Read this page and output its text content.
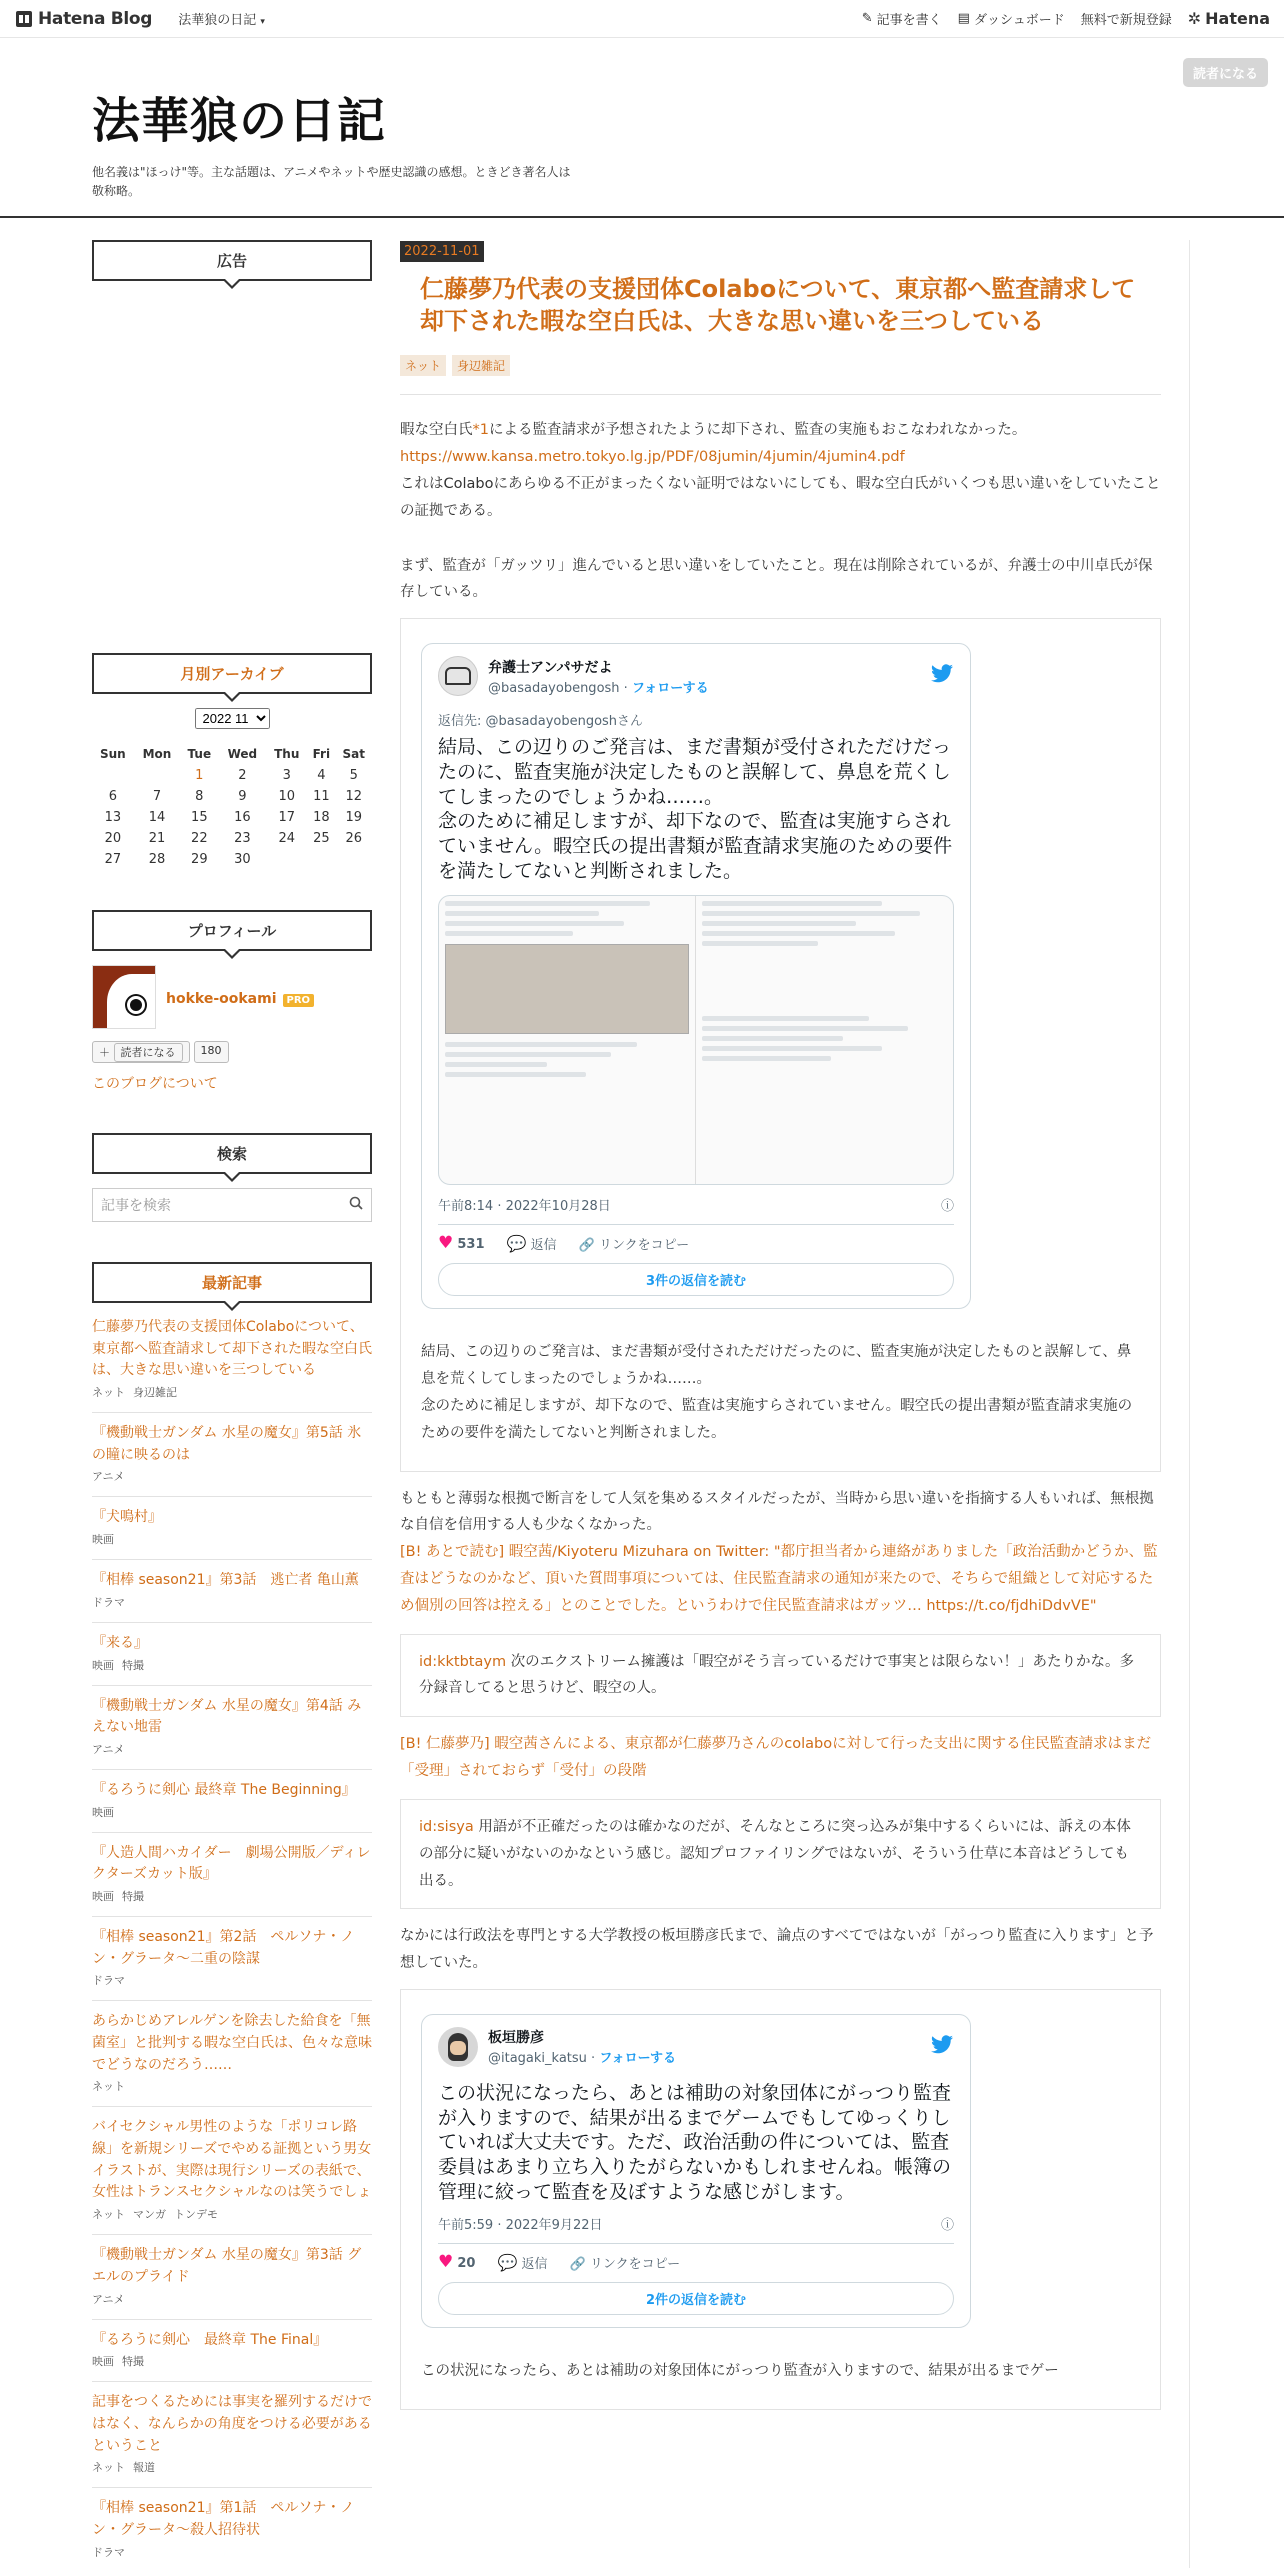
Hatena Blog 法華狼の日記 ▾	✎ 記事を書く ▤ ダッシュボード 無料で新規登録 ✲ Hatena
法華狼の日記
他名義は"ほっけ"等。主な話題は、アニメやネットや歴史認識の感想。ときどき著名人は敬称略。
読者になる
広告
月別アーカイブ
2022 11
Sun	Mon	Tue	Wed	Thu	Fri	Sat
		1	2	3	4	5
6	7	8	9	10	11	12
13	14	15	16	17	18	19
20	21	22	23	24	25	26
27	28	29	30			
プロフィール
hokke-ookami PRO
＋ 読者になる	180
このブログについて
検索
記事を検索
最新記事
仁藤夢乃代表の支援団体Colaboについて、東京都へ監査請求して却下された暇な空白氏は、大きな思い違いを三つしている
ネット 身辺雑記
『機動戦士ガンダム 水星の魔女』第5話 氷の瞳に映るのは
アニメ
『犬鳴村』
映画
『相棒 season21』第3話　逃亡者 亀山薫
ドラマ
『来る』
映画 特撮
『機動戦士ガンダム 水星の魔女』第4話 みえない地雷
アニメ
『るろうに剣心 最終章 The Beginning』
映画
『人造人間ハカイダー　劇場公開版／ディレクターズカット版』
映画 特撮
『相棒 season21』第2話　ペルソナ・ノン・グラータ～二重の陰謀
ドラマ
あらかじめアレルゲンを除去した給食を「無菌室」と批判する暇な空白氏は、色々な意味でどうなのだろう……
ネット
バイセクシャル男性のような「ポリコレ路線」を新規シリーズでやめる証拠という男女イラストが、実際は現行シリーズの表紙で、女性はトランスセクシャルなのは笑うでしょ
ネット マンガ トンデモ
『機動戦士ガンダム 水星の魔女』第3話 グエルのプライド
アニメ
『るろうに剣心　最終章 The Final』
映画 特撮
記事をつくるためには事実を羅列するだけではなく、なんらかの角度をつける必要があるということ
ネット 報道
『相棒 season21』第1話　ペルソナ・ノン・グラータ～殺人招待状
ドラマ
2022-11-01
仁藤夢乃代表の支援団体Colaboについて、東京都へ監査請求して却下された暇な空白氏は、大きな思い違いを三つしている
ネット	身辺雑記

暇な空白氏*1による監査請求が予想されたように却下され、監査の実施もおこなわれなかった。
https://www.kansa.metro.tokyo.lg.jp/PDF/08jumin/4jumin/4jumin4.pdf
これはColaboにあらゆる不正がまったくない証明ではないにしても、暇な空白氏がいくつも思い違いをしていたことの証拠である。

まず、監査が「ガッツリ」進んでいると思い違いをしていたこと。現在は削除されているが、弁護士の中川卓氏が保存している。

弁護士アンパサだよ
@basadayobengosh · フォローする
返信先: @basadayobengoshさん
結局、この辺りのご発言は、まだ書類が受付されただけだったのに、監査実施が決定したものと誤解して、鼻息を荒くしてしまったのでしょうかね……。
念のために補足しますが、却下なので、監査は実施すらされていません。暇空氏の提出書類が監査請求実施のための要件を満たしてないと判断されました。
午前8:14 · 2022年10月28日	ⓘ
♥ 531 💬 返信 🔗 リンクをコピー
3件の返信を読む
結局、この辺りのご発言は、まだ書類が受付されただけだったのに、監査実施が決定したものと誤解して、鼻息を荒くしてしまったのでしょうかね……。
念のために補足しますが、却下なので、監査は実施すらされていません。暇空氏の提出書類が監査請求実施のための要件を満たしてないと判断されました。

もともと薄弱な根拠で断言をして人気を集めるスタイルだったが、当時から思い違いを指摘する人もいれば、無根拠な自信を信用する人も少なくなかった。

[B! あとで読む] 暇空茜/Kiyoteru Mizuhara on Twitter: "都庁担当者から連絡がありました「政治活動かどうか、監査はどうなのかなど、頂いた質問事項については、住民監査請求の通知が来たので、そちらで組織として対応するため個別の回答は控える」とのことでした。というわけで住民監査請求はガッツ… https://t.co/fjdhiDdvVE"

id:kktbtaym 次のエクストリーム擁護は「暇空がそう言っているだけで事実とは限らない！」あたりかな。多分録音してると思うけど、暇空の人。

[B! 仁藤夢乃] 暇空茜さんによる、東京都が仁藤夢乃さんのcolaboに対して行った支出に関する住民監査請求はまだ「受理」されておらず「受付」の段階

id:sisya 用語が不正確だったのは確かなのだが、そんなところに突っ込みが集中するくらいには、訴えの本体の部分に疑いがないのかなという感じ。認知プロファイリングではないが、そういう仕草に本音はどうしても出る。

なかには行政法を専門とする大学教授の板垣勝彦氏まで、論点のすべてではないが「がっつり監査に入ります」と予想していた。

板垣勝彦
@itagaki_katsu · フォローする
この状況になったら、あとは補助の対象団体にがっつり監査が入りますので、結果が出るまでゲームでもしてゆっくりしていれば大丈夫です。ただ、政治活動の件については、監査委員はあまり立ち入りたがらないかもしれませんね。帳簿の管理に絞って監査を及ぼすような感じがします。
午前5:59 · 2022年9月22日	ⓘ
♥ 20 💬 返信 🔗 リンクをコピー
2件の返信を読む
この状況になったら、あとは補助の対象団体にがっつり監査が入りますので、結果が出るまでゲー
